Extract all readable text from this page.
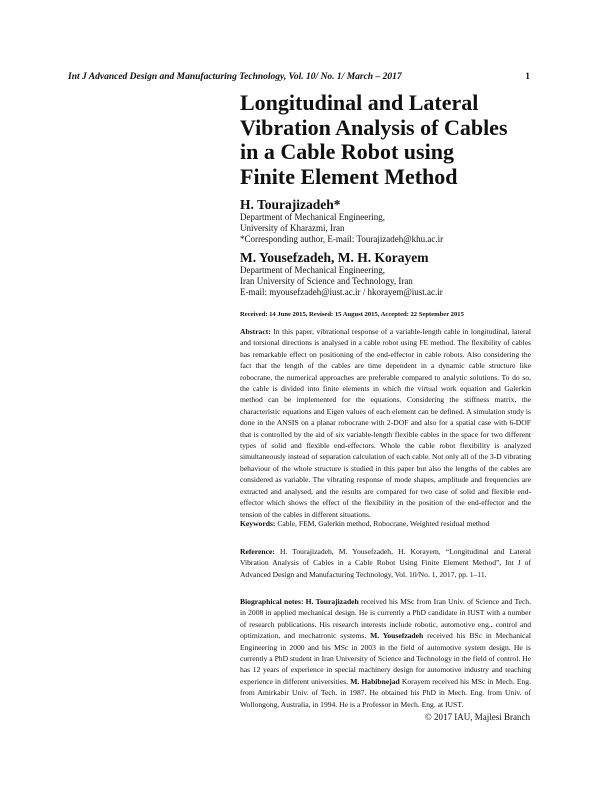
Int J Advanced Design and Manufacturing Technology, Vol. 10/ No. 1/ March – 2017	1
Longitudinal and Lateral
Vibration Analysis of Cables
in a Cable Robot using
Finite Element Method
H. Tourajizadeh*
Department of Mechanical Engineering,
University of Kharazmi, Iran
*Corresponding author, E-mail: Tourajizadeh@khu.ac.ir
M. Yousefzadeh, M. H. Korayem
Department of Mechanical Engineering,
Iran University of Science and Technology, Iran
E-mail: myousefzadeh@iust.ac.ir / hkorayem@iust.ac.ir
Received: 14 June 2015, Revised: 15 August 2015, Accepted: 22 September 2015
Abstract: In this paper, vibrational response of a variable-length cable in longitudinal, lateral and torsional directions is analysed in a cable robot using FE method. The flexibility of cables has remarkable effect on positioning of the end-effector in cable robots. Also considering the fact that the length of the cables are time dependent in a dynamic cable structure like robocrane, the numerical approaches are preferable compared to analytic solutions. To do so, the cable is divided into finite elements in which the virtual work equation and Galerkin method can be implemented for the equations. Considering the stiffness matrix, the characteristic equations and Eigen values of each element can be defined. A simulation study is done in the ANSIS on a planar robocrane with 2-DOF and also for a spatial case with 6-DOF that is controlled by the aid of six variable-length flexible cables in the space for two different types of solid and flexible end-effectors. Whole the cable robot flexibility is analyzed simultaneously instead of separation calculation of each cable. Not only all of the 3-D vibrating behaviour of the whole structure is studied in this paper but also the lengths of the cables are considered as variable. The vibrating response of mode shapes, amplitude and frequencies are extracted and analysed, and the results are compared for two case of solid and flexible end-effector which shows the effect of the flexibility in the position of the end-effector and the tension of the cables in different situations.
Keywords: Cable, FEM, Galerkin method, Robocrane, Weighted residual method
Reference: H. Tourajizadeh, M. Yousefzadeh, H. Korayem, “Longitudinal and Lateral Vibration Analysis of Cables in a Cable Robot Using Finite Element Method”, Int J of Advanced Design and Manufacturing Technology, Vol. 10/No. 1, 2017, pp. 1–11.
Biographical notes: H. Tourajizadeh received his MSc from Iran Univ. of Science and Tech. in 2008 in applied mechanical design. He is currently a PhD candidate in IUST with a number of research publications. His research interests include robotic, automotive eng., control and optimization, and mechatronic systems. M. Yousefzadeh received his BSc in Mechanical Engineering in 2000 and his MSc in 2003 in the field of automotive system design. He is currently a PhD student in Iran University of Science and Technology in the field of control. He has 12 years of experience in special machinery design for automotive industry and teaching experience in different universities. M. Habibnejad Korayem received his MSc in Mech. Eng. from Amirkabir Univ. of Tech. in 1987. He obtained his PhD in Mech. Eng. from Univ. of Wollongong, Australia, in 1994. He is a Professor in Mech. Eng. at IUST.
© 2017 IAU, Majlesi Branch
